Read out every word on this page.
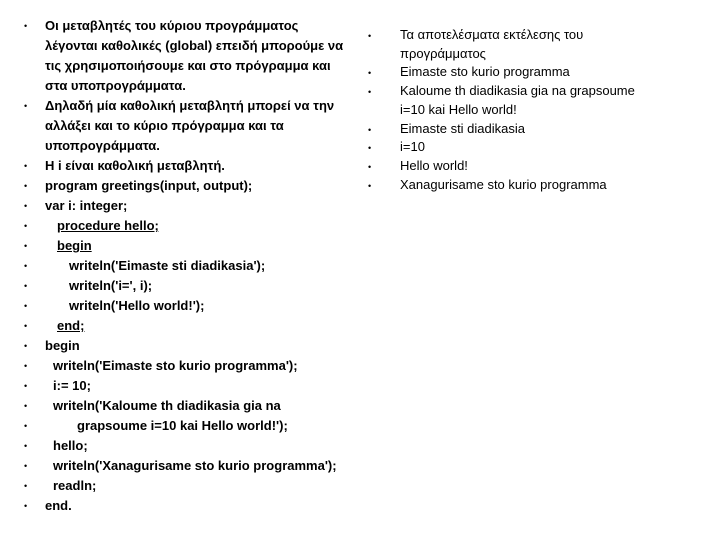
• Οι μεταβλητές του κύριου προγράμματος
λέγονται καθολικές (global) επειδή μπορούμε να
τις χρησιμοποιήσουμε και στο πρόγραμμα και
στα υποπρογράμματα.
• Δηλαδή μία καθολική μεταβλητή μπορεί να την
αλλάξει και το κύριο πρόγραμμα και τα
υποπρογράμματα.
• H i είναι καθολική μεταβλητή.
• program greetings(input, output);
• var i: integer;
•	procedure hello;
•	begin
•	writeln('Eimaste sti diadikasia');
•	writeln('i=', i);
•	writeln('Hello world!');
•	end;
• begin
•	writeln('Eimaste sto kurio programma');
•	i:= 10;
•	writeln('Kaloume th diadikasia gia na
•	grapsoume i=10 kai Hello world!');
•	hello;
•	writeln('Xanagurisame sto kurio programma');
•	readln;
• end.
• Τα αποτελέσματα εκτέλεσης του
προγράμματος
• Eimaste sto kurio programma
• Kaloume th diadikasia gia na grapsoume
i=10 kai Hello world!
• Eimaste sti diadikasia
• i=10
• Hello world!
• Xanagurisame sto kurio programma
